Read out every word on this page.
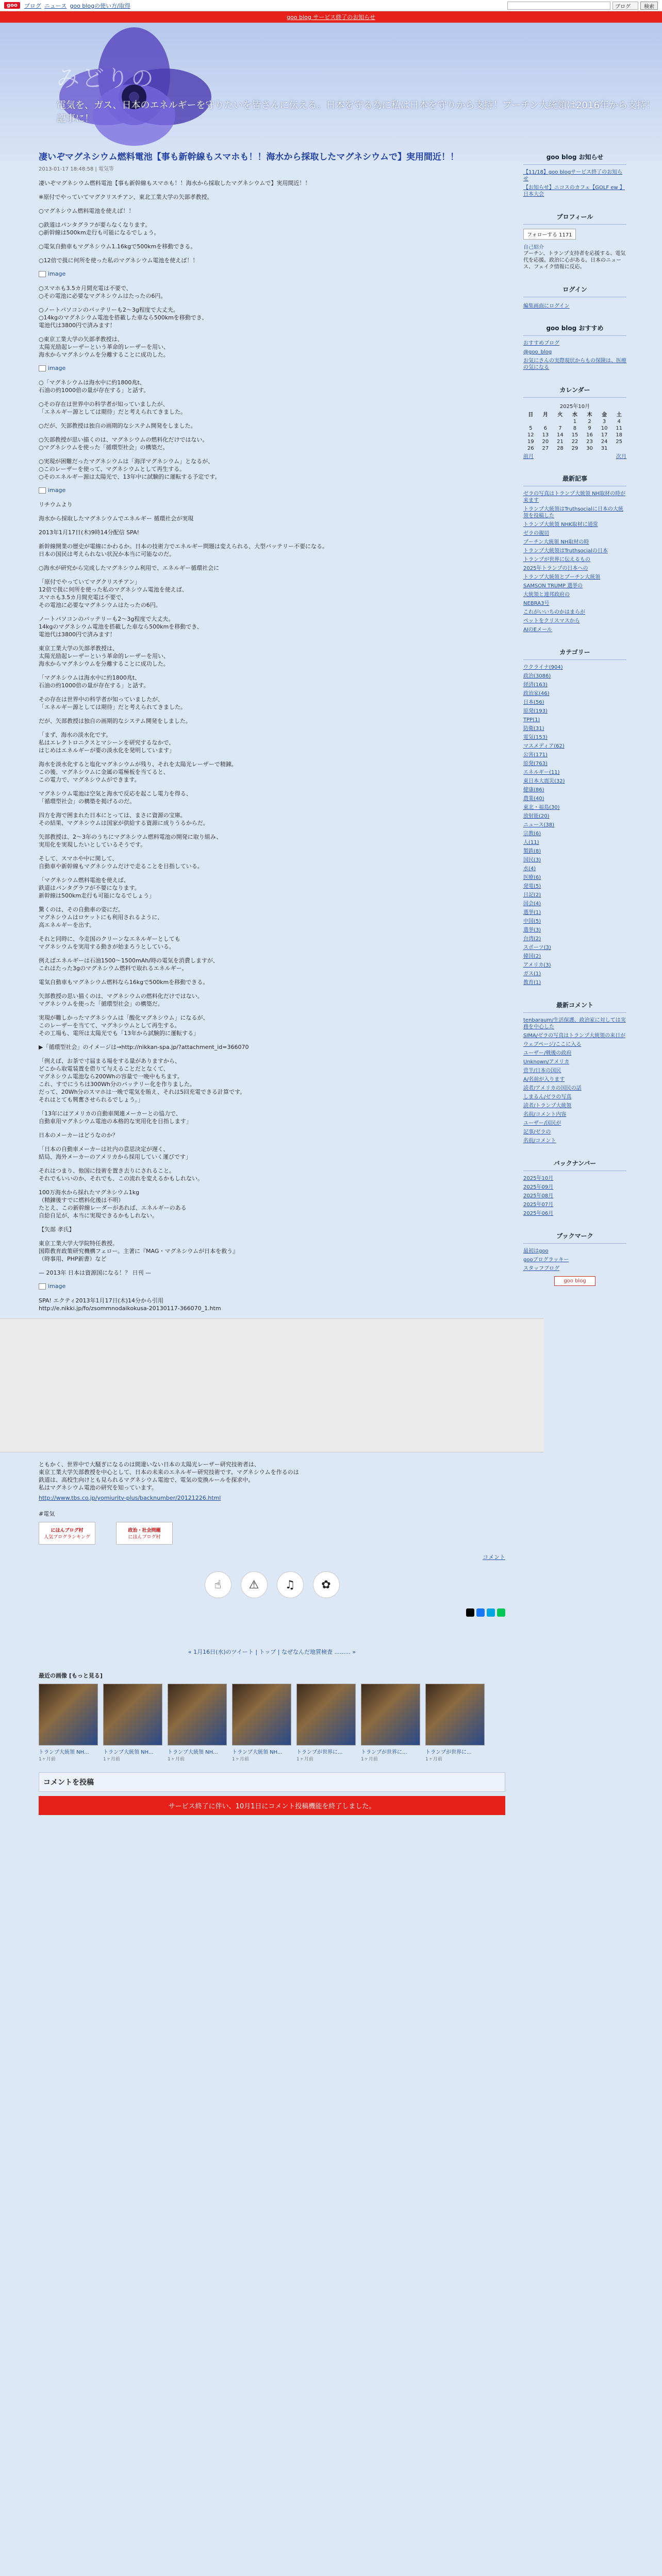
goo	ブログ ニュース goo blogの使い方/取得	ブログ	検索
goo blog サービス終了のお知らせ
みどりの
電気を、ガス、日本のエネルギーを守りたいを皆さんに伝える。日本を守る為に私は日本を守りから支持！プーチン大統領は2016年から支持！記事に！
凄いぞマグネシウム燃料電池【事も新幹線もスマホも！！海水から採取したマグネシウムで】実用間近！！
2013-01-17 18:48:58 | 電気等

凄いぞマグネシウム燃料電池【事も新幹線もスマホも！！海水から採取したマグネシウムで】実用間近！！

※原付でやっていてマグクリスチアン、東北工業大学の矢部孝教授。

○マグネシウム燃料電池を使えば！！

○鉄道はパンタグラフが要らなくなります。
○新幹線は500km走行も可能になるでしょう。

○電気自動車もマグネシウム1.16kgで500kmを移動できる。

○12倍で扱に何所を使った私のマグネシウム電池を使えば！！

image

○スマホも3.5カ月間充電は不要で、
○その電池に必要なマグネシウムはたったの6円。

○ノートパソコンのバッテリーも2～3g程度で大丈夫。
○14kgのマグネシウム電池を搭載した車なら500kmを移動でき、
電池代は3800円で済みます！

○東京工業大学の矢部孝教授は、
太陽光励起レーザーという革命的レーザーを用い、
海水からマグネシウムを分離することに成功した。

image

○「マグネシウムは海水中に約1800兆t、
石油の約1000倍の量が存在する」と話す。

○その存在は世界中の科学者が知っていましたが、
「エネルギー源としては期待」だと考えられてきました。

○だが、矢部教授は独自の画期的なシステム開発をしました。

○矢部教授が思い描くのは、マグネシウムの燃料化だけではない。
○マグネシウムを使った「循環型社会」の構築だ。

○実現が困難だったマグネシウムは「海洋マグネシウム」となるが、
○このレーザーを使って、マグネシウムとして再生する。
○そのエネルギー源は太陽光で、13年中に試験的に運転する予定です。

image

リチウムより

海水から採取したマグネシウムでエネルギー 循環社会が実現

2013年1月17日(木)9時14分配信 SPA!

新幹線開業の歴史が電線にかわるか。日本の技術力でエネルギー問題は変えられる、大型バッテリー不要になる。
日本の国民は考えられない状況か本当に可能なのだ。

○海水が研究から完成したマグネシウム利用で、エネルギー循環社会に

「原付でやっていてマグクリスチアン」
12倍で扱に何所を使った私のマグネシウム電池を使えば、
スマホも3.5カ月間充電は不要で、
その電池に必要なマグネシウムはたったの6円。

ノートパソコンのバッテリーも2～3g程度で大丈夫。
14kgのマグネシウム電池を搭載した車なら500kmを移動でき、
電池代は3800円で済みます！

東京工業大学の矢部孝教授は、
太陽光励起レーザーという革命的レーザーを用い、
海水からマグネシウムを分離することに成功した。

「マグネシウムは海水中に約1800兆t、
石油の約1000倍の量が存在する」と話す。

その存在は世界中の科学者が知っていましたが、
「エネルギー源としては期待」だと考えられてきました。

だが、矢部教授は独自の画期的なシステム開発をしました。

「まず、海水の淡水化です。
私はエレクトロニクスとマシーンを研究するなかで、
はじめはエネルギーが要の淡水化を発明しています」

海水を淡水化すると塩化マグネシウムが残り、それを太陽光レーザーで精錬。
この後、マグネシウムに金属の電極板を当てると、
この電力で、マグネシウムができます。

マグネシウム電池は空気と海水で反応を起こし電力を得る、
「循環型社会」の構築を掲げるのだ。

四方を海で囲まれた日本にとっては、まさに資源の宝庫。
その結果、マグネシウムは国家が供給する資源に成りうるからだ。

矢部教授は、2～3年のうちにマグネシウム燃料電池の開発に取り組み、
実用化を実現したいとしているそうです。

そして、スマホや中に関して、
自動車や新幹線もマグネシウムだけで走ることを目指している。

「マグネシウム燃料電池を使えば、
鉄道はパンタグラフが不要になります。
新幹線は500km走行も可能になるでしょう」

驚くのは、その自動車の姿にだ。
マグネシウムはロケットにも利用されるように、
高エネルギーを出す。

それと同時に、今走国のクリーンなエネルギーとしても
マグネシウムを実用する動きが始まろうとしている。

例えばエネルギーは石油1500～1500mAh/時の電気を消費しますが、
これはたった3gのマグネシウム燃料で取れるエネルギー。

電気自動車もマグネシウム燃料なら16kgで500kmを移動できる。

矢部教授の思い描くのは、マグネシウムの燃料化だけではない。
マグネシウムを使った「循環型社会」の構築だ。

実現が難しかったマグネシウムは「酸化マグネシウム」になるが、
このレーザーを当てて、マグネシウムとして再生する。
その工場も、電所は太陽光でも「13年から試験的に運転する」

▶「循環型社会」のイメージは→http://nikkan-spa.jp/?attachment_id=366070

「例えば、お茶で寸届まる場をする量がありますから、
どこから取電装置を借りて与えることだとなくて、
マグネシウム電池なら200Whの容量で一晩中もちます。
これ、すでにうちは300Wh分のバッテリー化を作りました。
だって、20Wh分のスマホは一晩で電気を賄え、それは5回充電できる計算です。
それはとても興奮させられるでしょう。」

「13年にはアメリカの自動車関連メーカーとの協力で、
自動車用マグネシウム電池の本格的な実用化を目指します」

日本のメーカーはどうなのか？

「日本の自動車メーカーは社内の意思決定が遅く、
結局、海外メーカーのアメリカから採用していく運びです」

それはつまり、他国に技術を置き去りにされること。
それでもいいのか、それでも、この流れを変えるかもしれない。

100万海水から採れたマグネシウム1kg
（精錬後すでに燃料化後は不明）
たとえ、この新幹線レーダーがあれば、エネルギーのある
自給自足が、本当に実現できるかもしれない。

【矢部 孝氏】

東京工業大学大学院特任教授。
国際教育政策研究機構フェロー。主著に『MAG・マグネシウムが日本を救う』
（時事用、PHP新書）など

— 2013年 日本は資源国になる！？ 日刊 —

image

SPA! エクティ2013年1月17日(木)14分から引用
http://e.nikki.jp/fo/zsommnodaikokusa-20130117-366070_1.htm

ともかく、世界中で大騒ぎになるのは間違いない日本の太陽光レーザー研究技術者は、
東京工業大学矢部教授を中心として、日本の未来のエネルギー研究技術です。マグネシウムを作るのは
鉄道は、高校生向けとも見られるマグネシウム電池で、電気の変換ルールを探求中。
私はマグネシウム電池の研究を知っています。

http://www.tbs.co.jp/yomiuritv-plus/backnumber/20121226.html
#電気
にほんブログ村
人気ブログランキング
政治・社会問題
にほんブログ村
コメント
☝	⚠	♫	✿
« 1月16日(水)のツイート | トップ | なぜなんだ地質検査 ......... »
最近の画像 [もっと見る]
トランプ大統領 NH...
1ヶ月前
トランプ大統領 NH...
1ヶ月前
トランプ大統領 NH...
1ヶ月前
トランプ大統領 NH...
1ヶ月前
トランプが世界に...
1ヶ月前
トランプが世界に...
1ヶ月前
トランプが世界に...
1ヶ月前
コメントを投稿
サービス終了に伴い、10月1日にコメント投稿機能を終了しました。
goo blog お知らせ
【11/18】goo blogサービス終了のお知らせ
【お知らせ】ニコスのカフェ【GOLF ew 】 日本大会
プロフィール
フォローする 1171
自己紹介
ブーチン、トランプ支持者を応援する、電気代を応援。政治に心がある。日本のニュース、フェイク情報に反応。
ログイン
編集画面にログイン
goo blog おすすめ
おすすめブログ
@goo_blog
お気にさんの実際現状からもの保険は、医療の気になる
カレンダー
2025年10月
日	月	火	水	木	金	土
			1	2	3	4
5	6	7	8	9	10	11
12	13	14	15	16	17	18
19	20	21	22	23	24	25
26	27	28	29	30	31	
前月	次月
最新記事
ゼラの写真はトランプ大統領 NH取材の時が来ます
トランプ大統領はTruthsocialに日本の大統領を投稿した
トランプ大統領 NHK取材に通常
ゼラの親切
プーチン大統領 NH取材の時
トランプ大統領はTruthsocialの日本
トランプが世界に伝えるもの
2025年トランプの日本への
トランプ大統領とプーチン大統領
SAMSON TRUMP 選挙の
大統領と連邦政府の
NEBRA3号
これがいいちのかはまらが
ペットをクリスマスから
AIのEメール
カテゴリー
ウクライナ(904)
政治(3086)
経済(163)
政治家(46)
日本(56)
原発(193)
TPP(1)
防衛(31)
電気(153)
マスメディア(62)
公害(171)
原発(763)
エネルギー(11)
東日本大震災(32)
健康(86)
農業(40)
東北・福島(30)
放射能(20)
ニュース(38)
宗教(6)
人(11)
製鉄(8)
国民(3)
水(4)
医療(6)
発電(5)
日記(2)
国会(4)
選挙(1)
中国(5)
選挙(3)
台湾(2)
スポーツ(3)
韓国(2)
アメリカ(3)
ガス(1)
教育(1)
最新コメント
tenbaraum/生活保護、政治家に対しては実務を中心した
SIMA/ゼラの写真はトランプ大統領の来日が
ウェブページ/ここに入る
ユーザー/戦後の政府
Unknown/アメリカ
菅半/日本の国民
A/名前が入ります
読者/アメリカの国民の話
しまるん/ゼラの写真
読者/トランプ大統領
名前/コメント内容
ユーザー/国民が
記事/ゼラの
名前/コメント
バックナンバー
2025年10月
2025年09月
2025年08月
2025年07月
2025年06月
ブックマーク
最初はgoo
gooブログラッキー
スタッフブログ
goo blog
